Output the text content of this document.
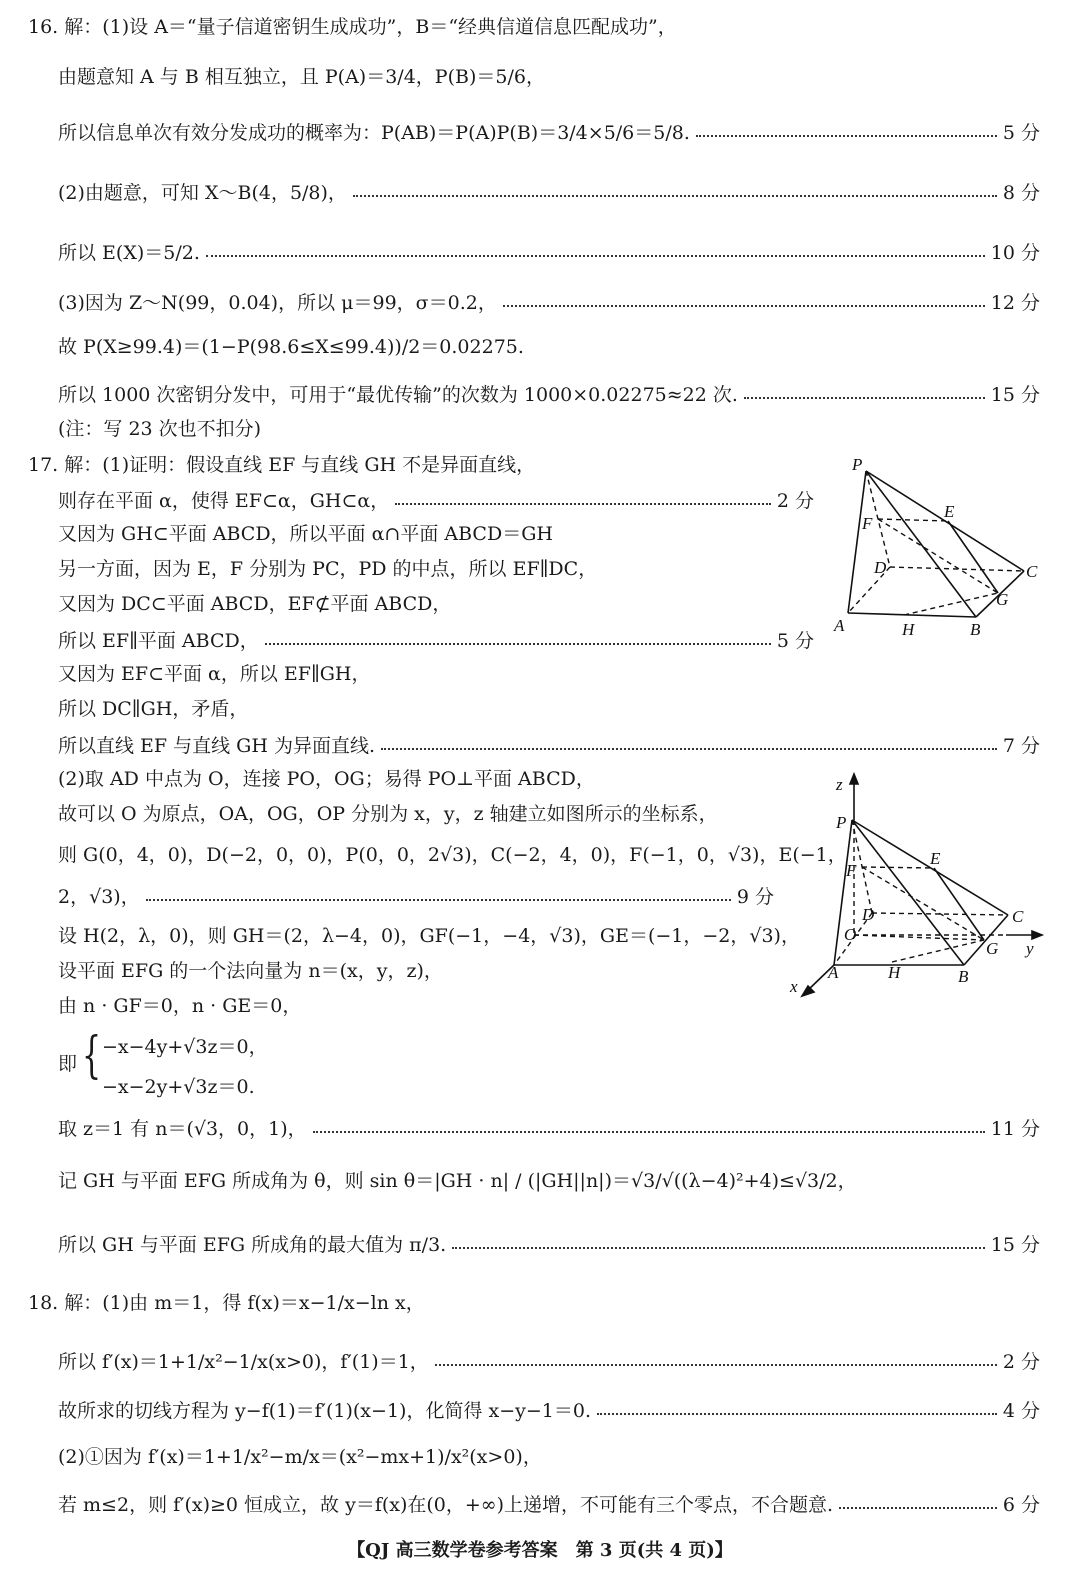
16. 解：(1)设 A＝“量子信道密钥生成成功”，B＝“经典信道信息匹配成功”，
由题意知 A 与 B 相互独立，且 P(A)＝3/4，P(B)＝5/6，
所以信息单次有效分发成功的概率为：P(AB)＝P(A)P(B)＝3/4×5/6＝5/8.	5 分
(2)由题意，可知 X～B(4，5/8)，	8 分
所以 E(X)＝5/2.	10 分
(3)因为 Z～N(99，0.04)，所以 μ＝99，σ＝0.2，	12 分
故 P(X≥99.4)＝(1−P(98.6≤X≤99.4))/2＝0.02275.
所以 1000 次密钥分发中，可用于“最优传输”的次数为 1000×0.02275≈22 次.	15 分
(注：写 23 次也不扣分)
17. 解：(1)证明：假设直线 EF 与直线 GH 不是异面直线，
则存在平面 α，使得 EF⊂α，GH⊂α，	2 分
又因为 GH⊂平面 ABCD，所以平面 α∩平面 ABCD＝GH
另一方面，因为 E，F 分别为 PC，PD 的中点，所以 EF∥DC，
又因为 DC⊂平面 ABCD，EF⊄平面 ABCD，
所以 EF∥平面 ABCD，	5 分
又因为 EF⊂平面 α，所以 EF∥GH，
所以 DC∥GH，矛盾，
所以直线 EF 与直线 GH 为异面直线.	7 分
(2)取 AD 中点为 O，连接 PO，OG；易得 PO⊥平面 ABCD，
故可以 O 为原点，OA，OG，OP 分别为 x，y，z 轴建立如图所示的坐标系，
则 G(0，4，0)，D(−2，0，0)，P(0，0，2√3)，C(−2，4，0)，F(−1，0，√3)，E(−1，
2，√3)，	9 分
设 H(2，λ，0)，则 GH＝(2，λ−4，0)，GF(−1，−4，√3)，GE＝(−1，−2，√3)，
设平面 EFG 的一个法向量为 n＝(x，y，z)，
由 n · GF＝0，n · GE＝0，
即 { −x−4y+√3z＝0，
−x−2y+√3z＝0.
取 z＝1 有 n＝(√3，0，1)，	11 分
记 GH 与平面 EFG 所成角为 θ，则 sin θ＝|GH · n| / (|GH||n|)＝√3/√((λ−4)²+4)≤√3/2，
所以 GH 与平面 EFG 所成角的最大值为 π/3.	15 分
18. 解：(1)由 m＝1，得 f(x)＝x−1/x−ln x，
所以 f′(x)＝1+1/x²−1/x(x>0)，f′(1)＝1，	2 分
故所求的切线方程为 y−f(1)＝f′(1)(x−1)，化简得 x−y−1＝0.	4 分
(2)①因为 f′(x)＝1+1/x²−m/x＝(x²−mx+1)/x²(x>0)，
若 m≤2，则 f′(x)≥0 恒成立，故 y＝f(x)在(0，+∞)上递增，不可能有三个零点，不合题意.	6 分
P
E
F
D	C
G
A	H	B
z
P
E
F
D	C
O
G y
A	H	B
x
【QJ 高三数学卷参考答案　第 3 页(共 4 页)】
